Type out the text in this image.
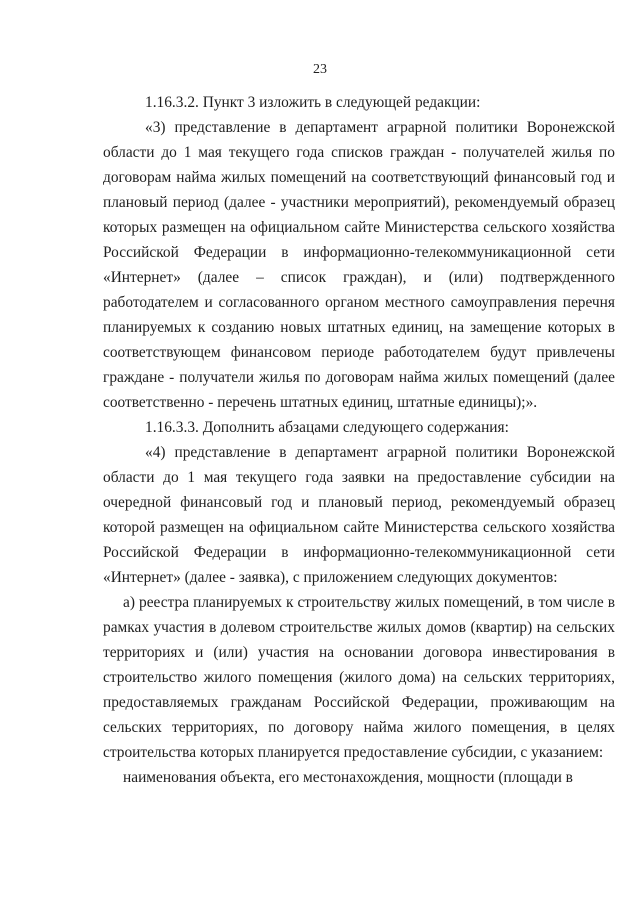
23

1.16.3.2. Пункт 3 изложить в следующей редакции:

«3) представление в департамент аграрной политики Воронежской области до 1 мая текущего года списков граждан - получателей жилья по договорам найма жилых помещений на соответствующий финансовый год и плановый период (далее - участники мероприятий), рекомендуемый образец которых размещен на официальном сайте Министерства сельского хозяйства Российской Федерации в информационно-телекоммуникационной сети «Интернет» (далее – список граждан), и (или) подтвержденного работодателем и согласованного органом местного самоуправления перечня планируемых к созданию новых штатных единиц, на замещение которых в соответствующем финансовом периоде работодателем будут привлечены граждане - получатели жилья по договорам найма жилых помещений (далее соответственно - перечень штатных единиц, штатные единицы);».

1.16.3.3. Дополнить абзацами следующего содержания:

«4) представление в департамент аграрной политики Воронежской области до 1 мая текущего года заявки на предоставление субсидии на очередной финансовый год и плановый период, рекомендуемый образец которой размещен на официальном сайте Министерства сельского хозяйства Российской Федерации в информационно-телекоммуникационной сети «Интернет» (далее - заявка), с приложением следующих документов:

а) реестра планируемых к строительству жилых помещений, в том числе в рамках участия в долевом строительстве жилых домов (квартир) на сельских территориях и (или) участия на основании договора инвестирования в строительство жилого помещения (жилого дома) на сельских территориях, предоставляемых гражданам Российской Федерации, проживающим на сельских территориях, по договору найма жилого помещения, в целях строительства которых планируется предоставление субсидии, с указанием:

наименования объекта, его местонахождения, мощности (площади в
